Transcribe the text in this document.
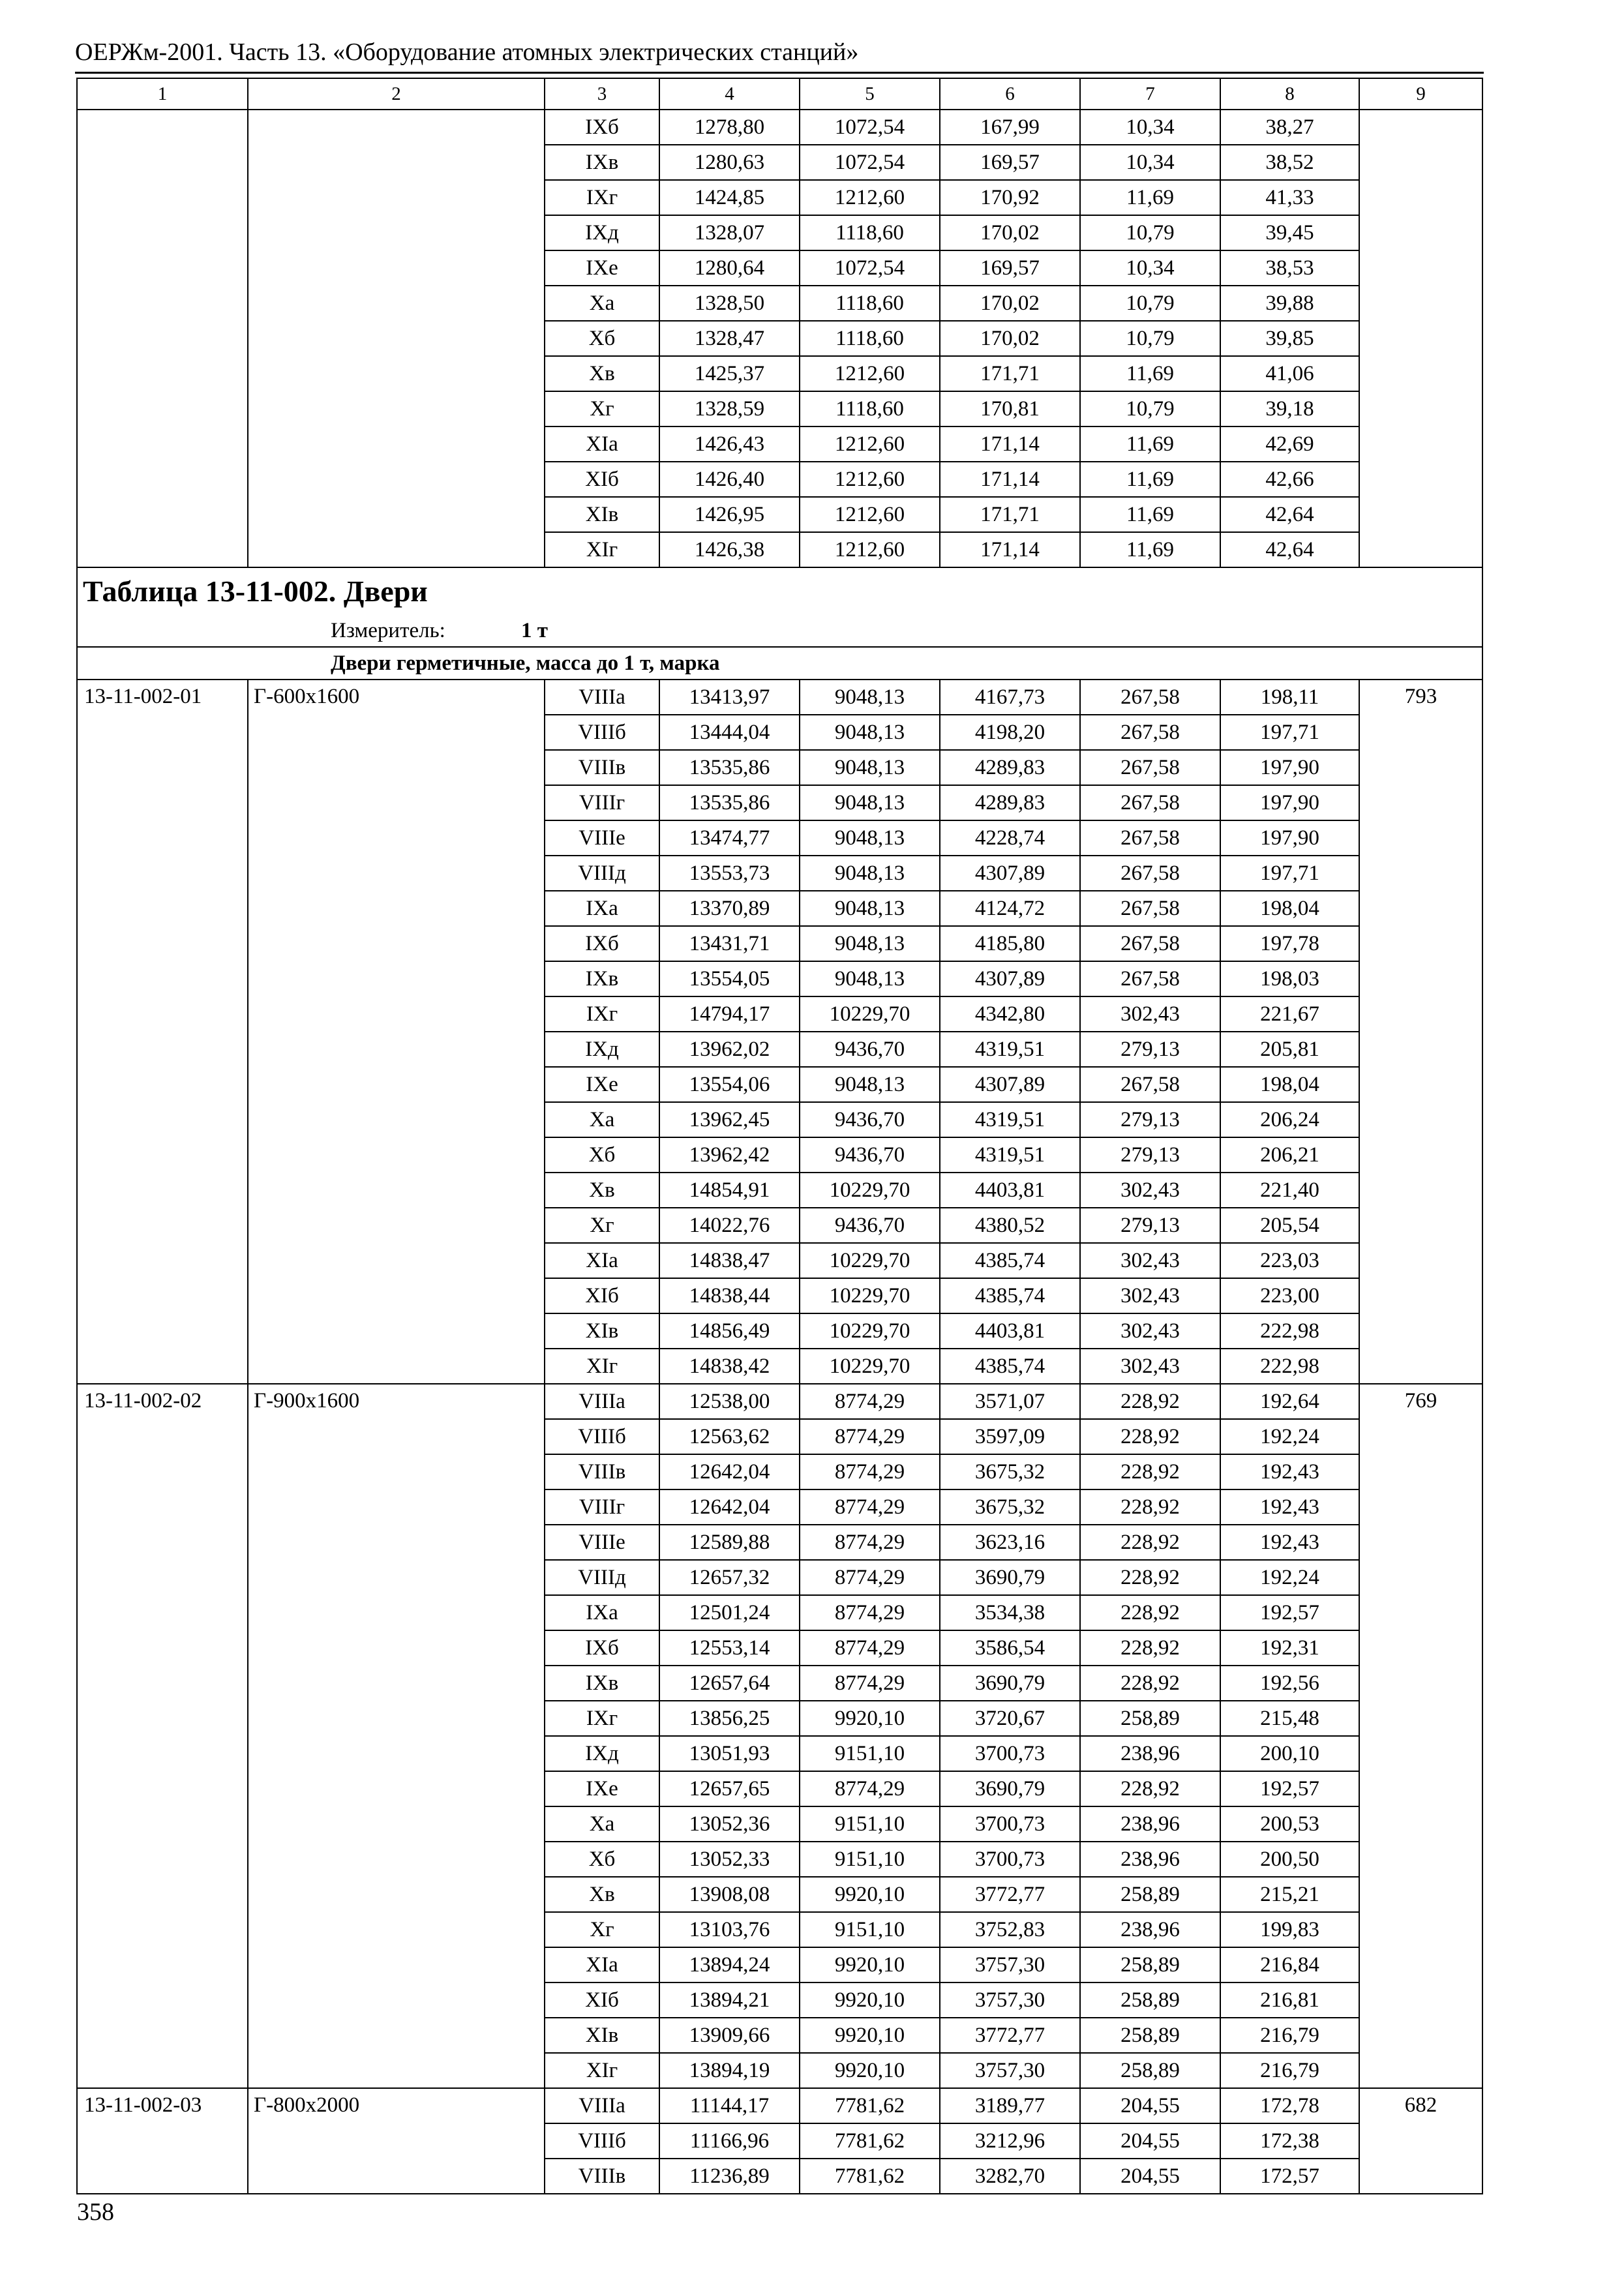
ОЕРЖм-2001. Часть 13. «Оборудование атомных электрических станций»
1	2	3	4	5	6	7	8	9
		IXб	1278,80	1072,54	167,99	10,34	38,27	
		IXв	1280,63	1072,54	169,57	10,34	38,52	
		IXг	1424,85	1212,60	170,92	11,69	41,33	
		IXд	1328,07	1118,60	170,02	10,79	39,45	
		IXе	1280,64	1072,54	169,57	10,34	38,53	
		Xа	1328,50	1118,60	170,02	10,79	39,88	
		Xб	1328,47	1118,60	170,02	10,79	39,85	
		Xв	1425,37	1212,60	171,71	11,69	41,06	
		Xг	1328,59	1118,60	170,81	10,79	39,18	
		XIа	1426,43	1212,60	171,14	11,69	42,69	
		XIб	1426,40	1212,60	171,14	11,69	42,66	
		XIв	1426,95	1212,60	171,71	11,69	42,64	
		XIг	1426,38	1212,60	171,14	11,69	42,64	
Таблица 13-11-002. Двери								

Измеритель: 1 т								

Двери герметичные, масса до 1 т, марка								

13-11-002-01	Г-600x1600	VIIIа	13413,97	9048,13	4167,73	267,58	198,11	793
		VIIIб	13444,04	9048,13	4198,20	267,58	197,71	
		VIIIв	13535,86	9048,13	4289,83	267,58	197,90	
		VIIIг	13535,86	9048,13	4289,83	267,58	197,90	
		VIIIе	13474,77	9048,13	4228,74	267,58	197,90	
		VIIIд	13553,73	9048,13	4307,89	267,58	197,71	
		IXа	13370,89	9048,13	4124,72	267,58	198,04	
		IXб	13431,71	9048,13	4185,80	267,58	197,78	
		IXв	13554,05	9048,13	4307,89	267,58	198,03	
		IXг	14794,17	10229,70	4342,80	302,43	221,67	
		IXд	13962,02	9436,70	4319,51	279,13	205,81	
		IXе	13554,06	9048,13	4307,89	267,58	198,04	
		Xа	13962,45	9436,70	4319,51	279,13	206,24	
		Xб	13962,42	9436,70	4319,51	279,13	206,21	
		Xв	14854,91	10229,70	4403,81	302,43	221,40	
		Xг	14022,76	9436,70	4380,52	279,13	205,54	
		XIа	14838,47	10229,70	4385,74	302,43	223,03	
		XIб	14838,44	10229,70	4385,74	302,43	223,00	
		XIв	14856,49	10229,70	4403,81	302,43	222,98	
		XIг	14838,42	10229,70	4385,74	302,43	222,98	
13-11-002-02	Г-900x1600	VIIIа	12538,00	8774,29	3571,07	228,92	192,64	769
		VIIIб	12563,62	8774,29	3597,09	228,92	192,24	
		VIIIв	12642,04	8774,29	3675,32	228,92	192,43	
		VIIIг	12642,04	8774,29	3675,32	228,92	192,43	
		VIIIе	12589,88	8774,29	3623,16	228,92	192,43	
		VIIIд	12657,32	8774,29	3690,79	228,92	192,24	
		IXа	12501,24	8774,29	3534,38	228,92	192,57	
		IXб	12553,14	8774,29	3586,54	228,92	192,31	
		IXв	12657,64	8774,29	3690,79	228,92	192,56	
		IXг	13856,25	9920,10	3720,67	258,89	215,48	
		IXд	13051,93	9151,10	3700,73	238,96	200,10	
		IXе	12657,65	8774,29	3690,79	228,92	192,57	
		Xа	13052,36	9151,10	3700,73	238,96	200,53	
		Xб	13052,33	9151,10	3700,73	238,96	200,50	
		Xв	13908,08	9920,10	3772,77	258,89	215,21	
		Xг	13103,76	9151,10	3752,83	238,96	199,83	
		XIа	13894,24	9920,10	3757,30	258,89	216,84	
		XIб	13894,21	9920,10	3757,30	258,89	216,81	
		XIв	13909,66	9920,10	3772,77	258,89	216,79	
		XIг	13894,19	9920,10	3757,30	258,89	216,79	
13-11-002-03	Г-800x2000	VIIIа	11144,17	7781,62	3189,77	204,55	172,78	682
		VIIIб	11166,96	7781,62	3212,96	204,55	172,38	
		VIIIв	11236,89	7781,62	3282,70	204,55	172,57	
358
